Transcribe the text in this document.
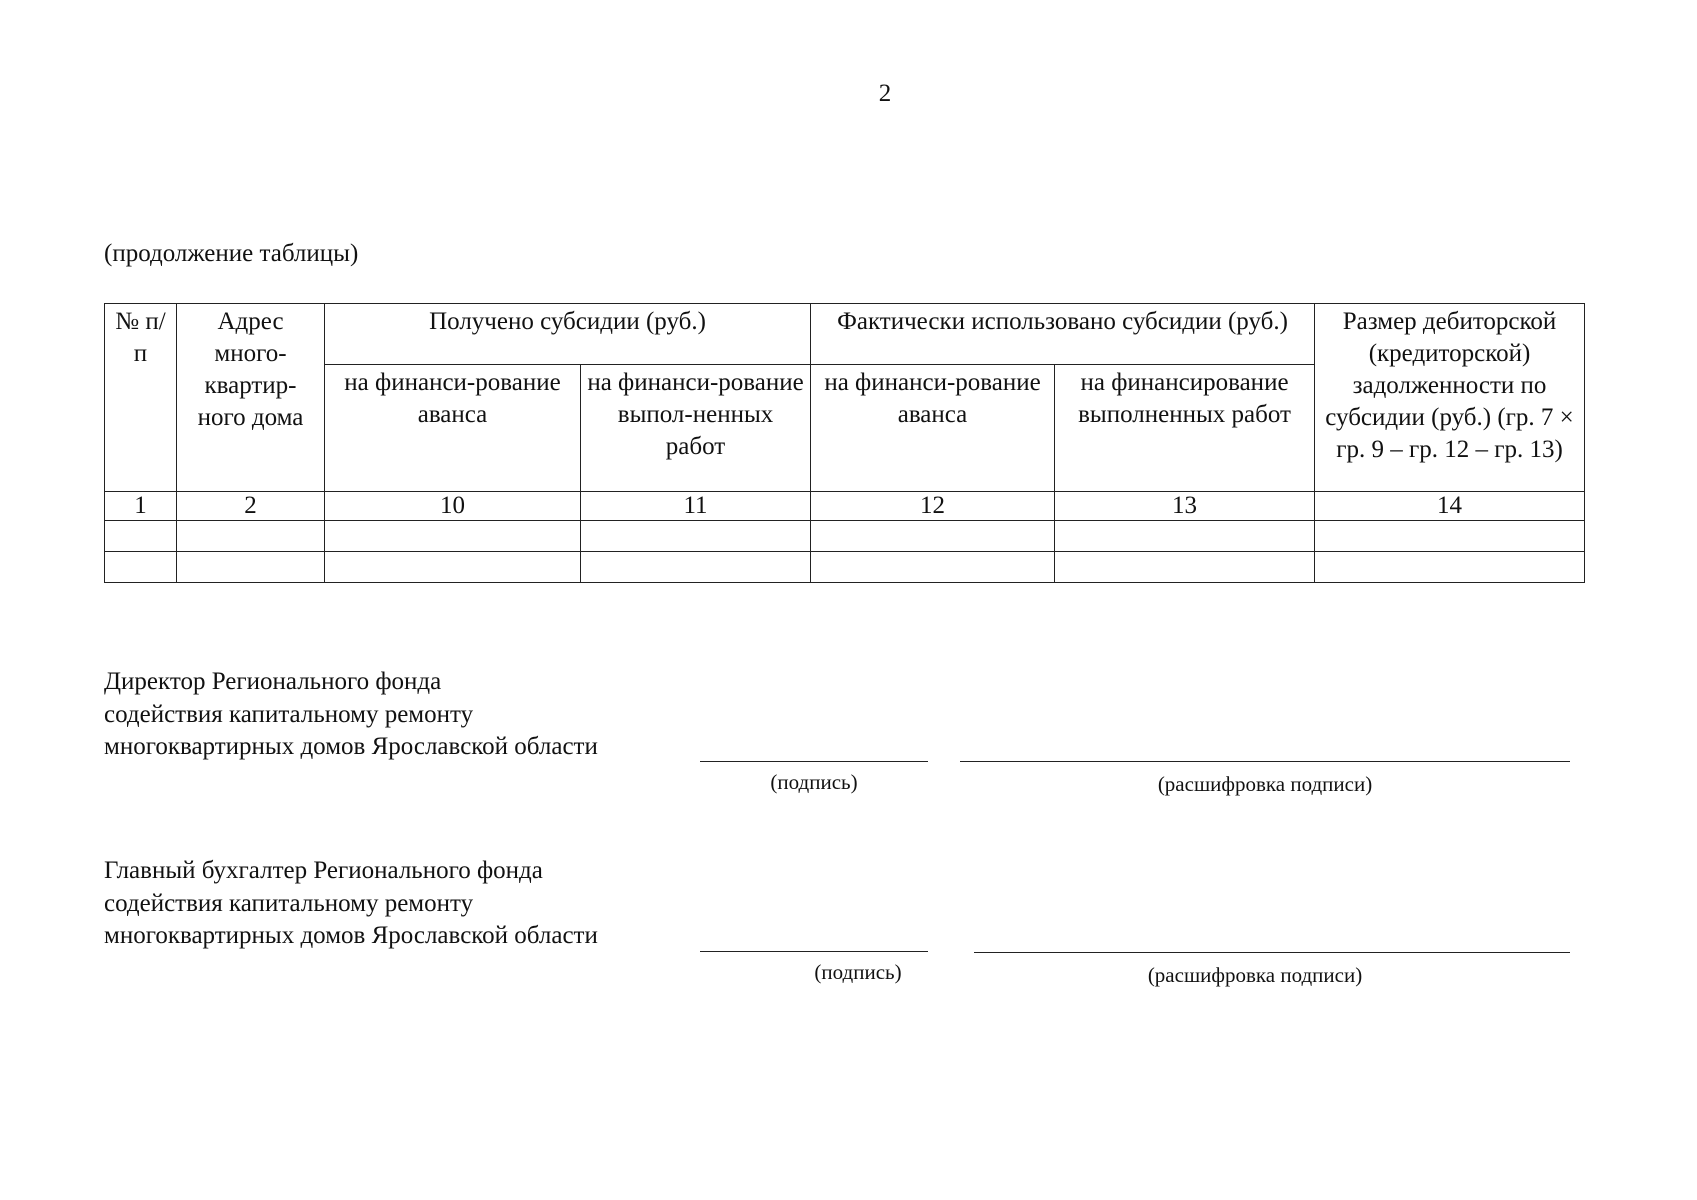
2
(продолжение таблицы)
№ п/п	Адрес много-квартир-ного дома	Получено субсидии (руб.)		Фактически использовано субсидии (руб.)		Размер дебиторской (кредиторской) задолженности по субсидии (руб.) (гр. 7 × гр. 9 – гр. 12 – гр. 13)
		на финанси-рование аванса	на финанси-рование выпол-ненных работ	на финанси-рование аванса	на финансирование выполненных работ	
1	2	10	11	12	13	14

Директор Регионального фонда
содействия капитальному ремонту
многоквартирных домов Ярославской области
(подпись)	(расшифровка подписи)
Главный бухгалтер Регионального фонда
содействия капитальному ремонту
многоквартирных домов Ярославской области
(подпись)	(расшифровка подписи)
